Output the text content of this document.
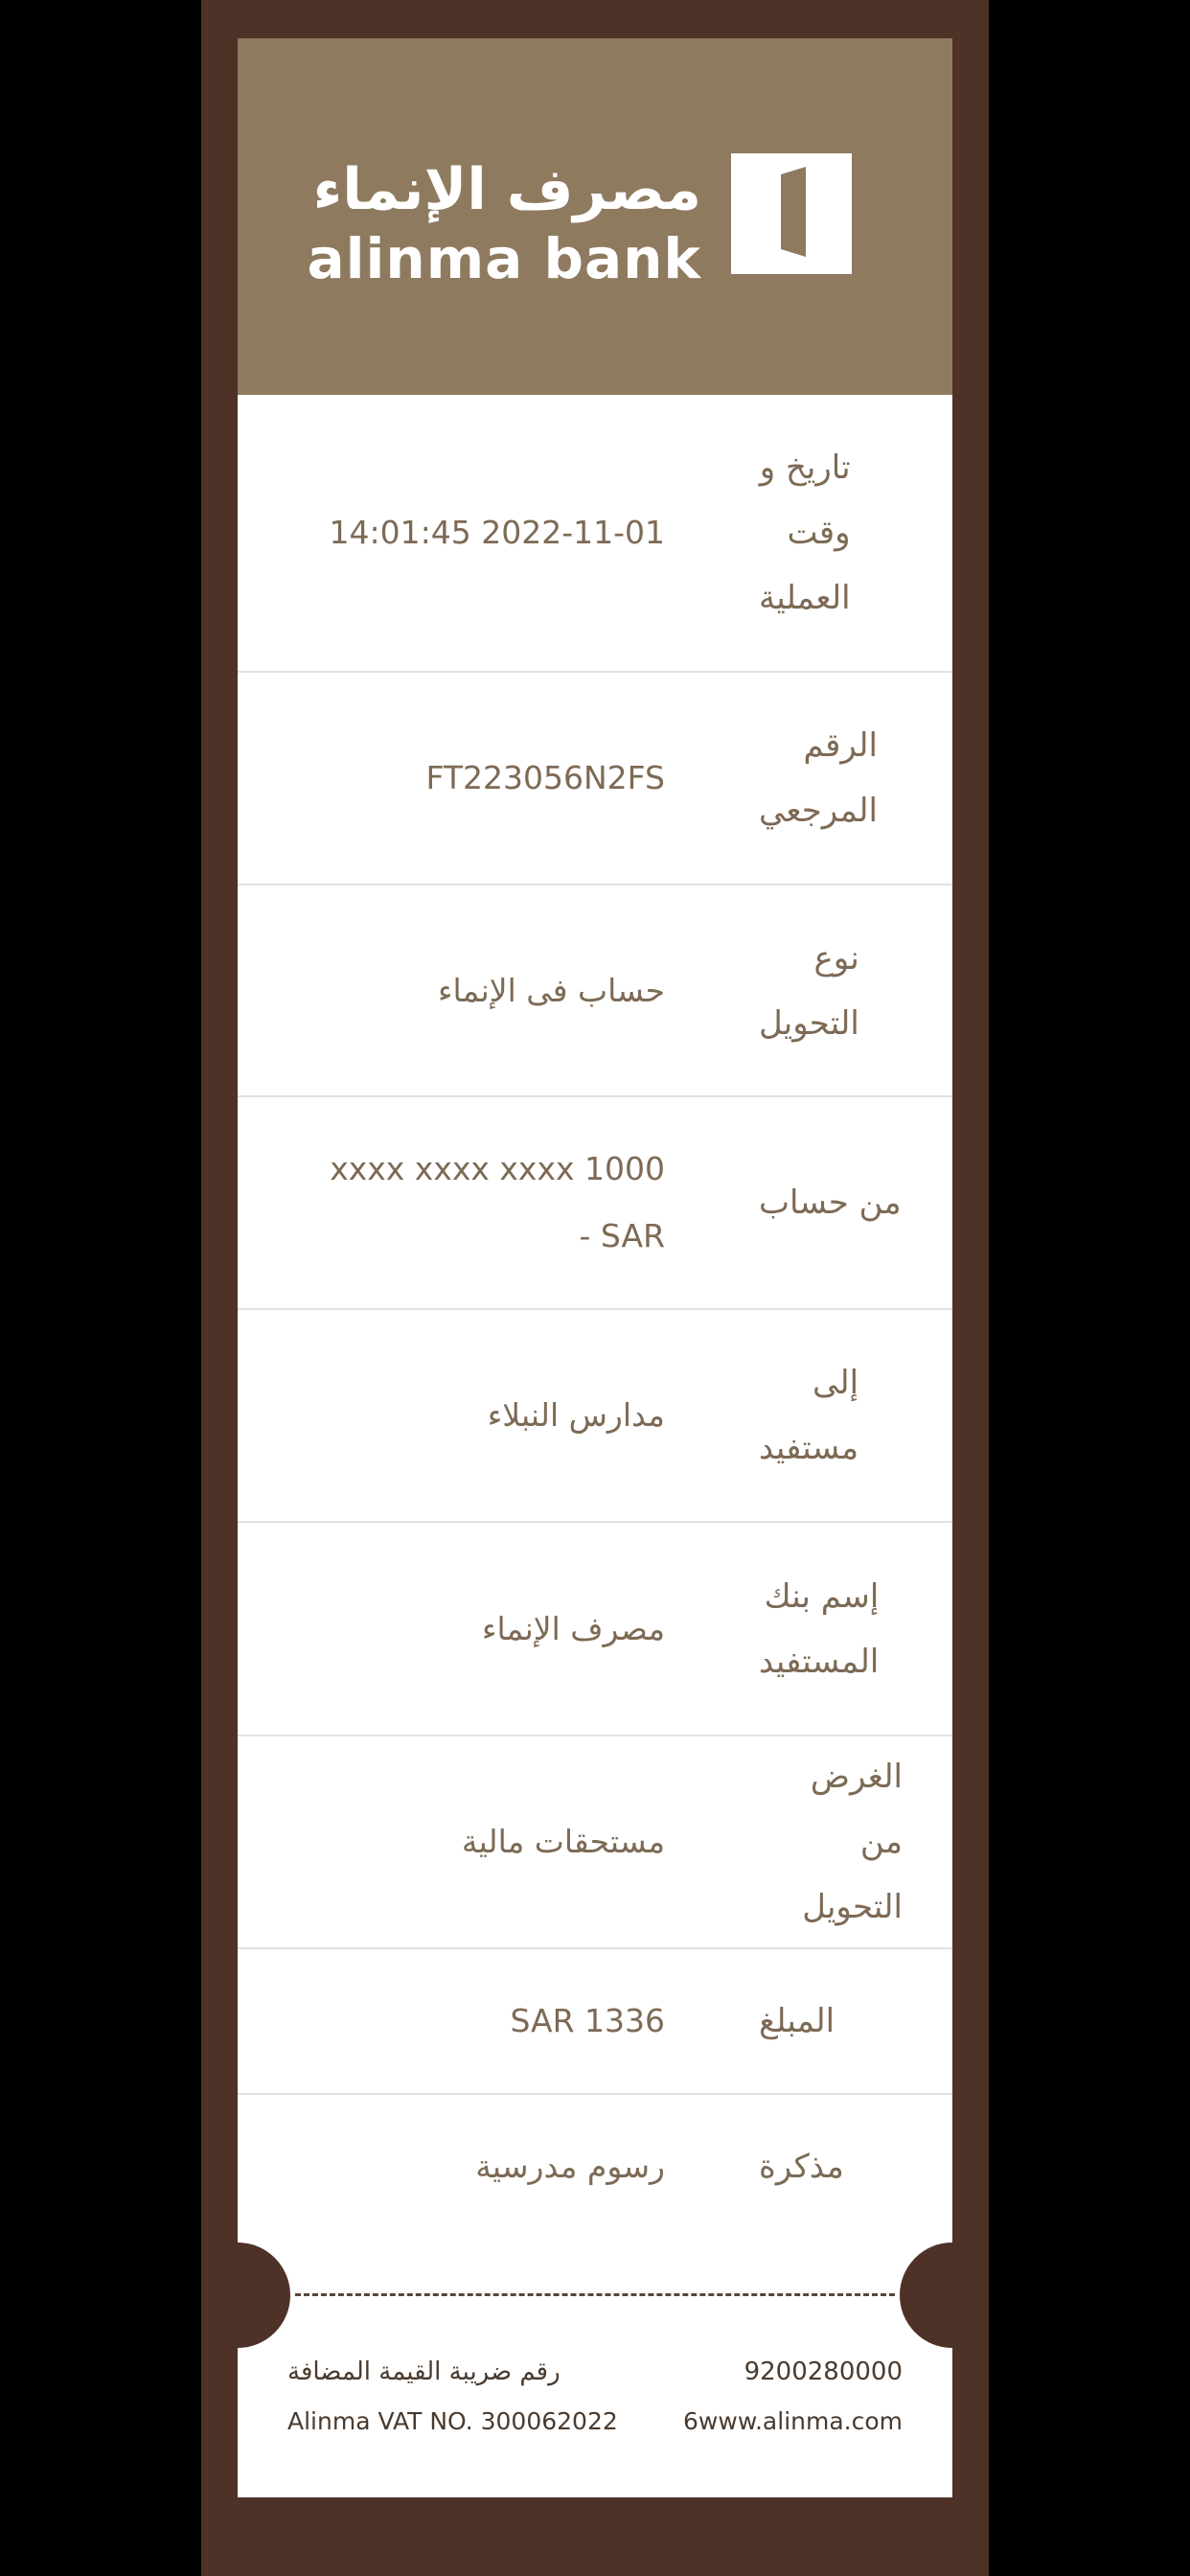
مصرف الإنماء
alinma bank
تاريخ و
وقت
العملية
14:01:45 2022-11-01
الرقم
المرجعي
FT223056N2FS
نوع
التحويل
حساب فى الإنماء
من حساب
xxxx xxxx xxxx 1000
- SAR
إلى
مستفيد
مدارس النبلاء
إسم بنك
المستفيد
مصرف الإنماء
الغرض من
التحويل
مستحقات مالية
المبلغ
SAR 1336
مذكرة
رسوم مدرسية
رقم ضريبة القيمة المضافة	9200280000
Alinma VAT NO. 300062022	6www.alinma.com
